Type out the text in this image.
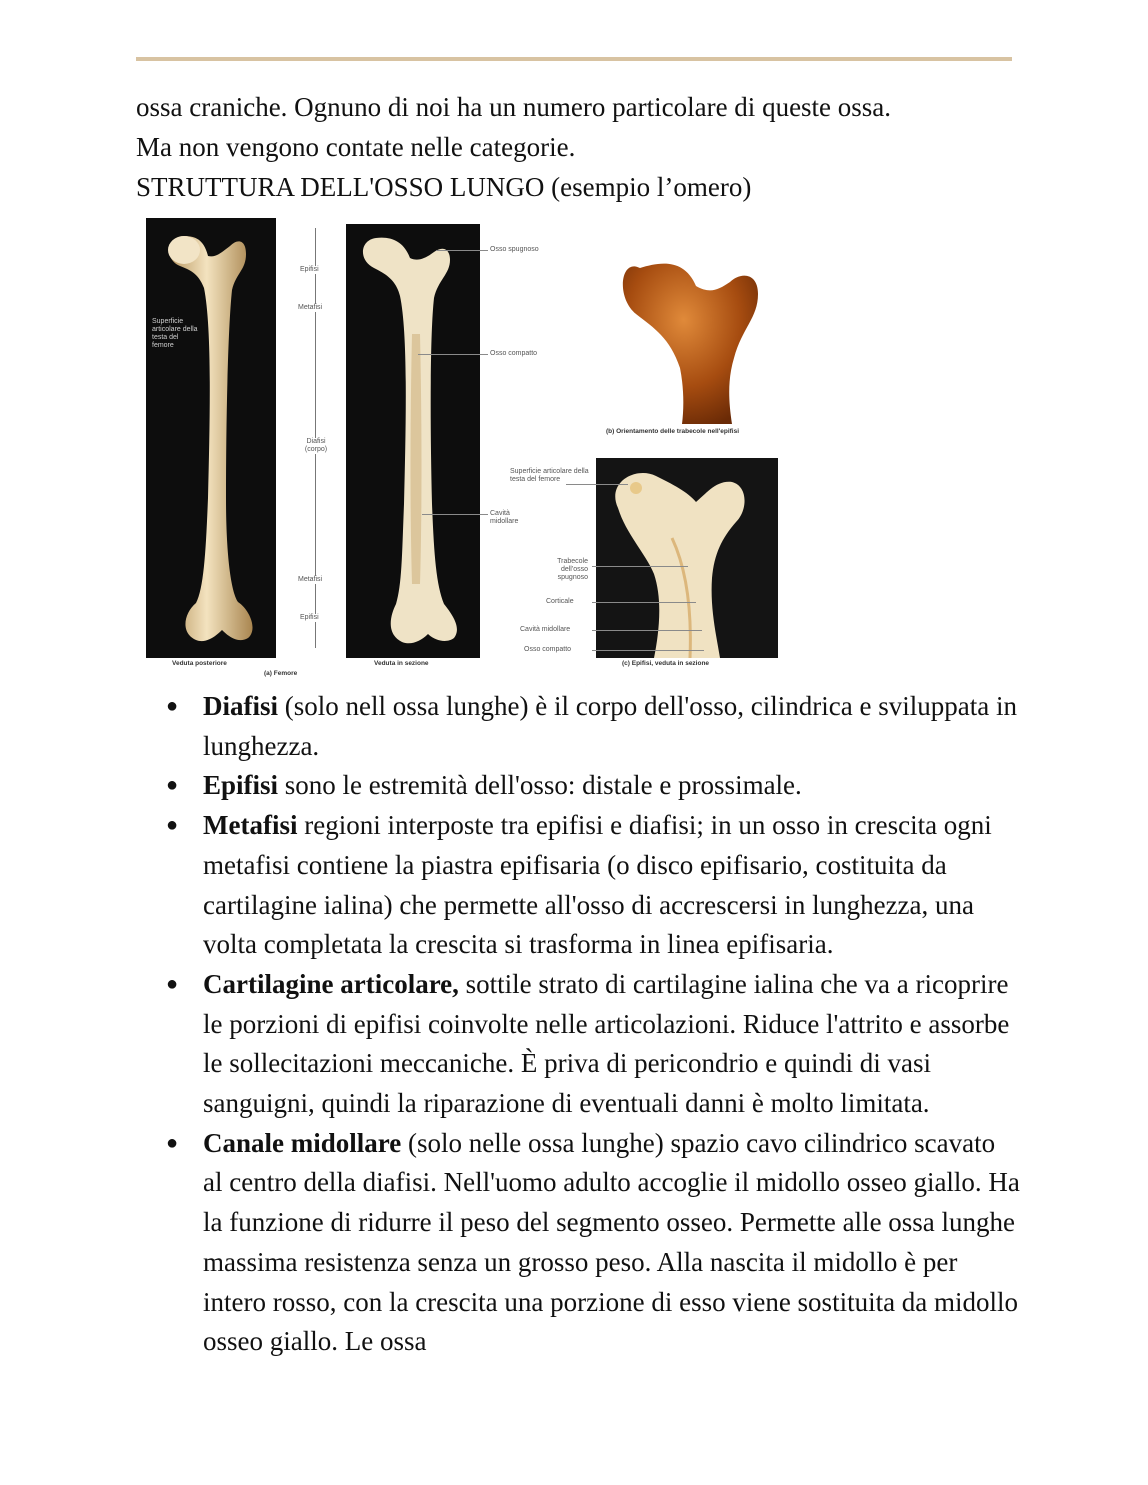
ossa craniche. Ognuno di noi ha un numero particolare di queste ossa.

Ma non vengono contate nelle categorie.

STRUTTURA DELL'OSSO LUNGO (esempio l’omero)

Superficie articolare della testa del femore
Veduta posteriore
Epifisi
Metafisi
Diafisi (corpo)
Metafisi
Epifisi
Veduta in sezione
(a) Femore
Osso spugnoso
Osso compatto
Cavità midollare
(b) Orientamento delle trabecole nell'epifisi
(c) Epifisi, veduta in sezione
Superficie articolare della testa del femore
Trabecole dell'osso spugnoso
Corticale
Cavità midollare
Osso compatto
● Diafisi (solo nell ossa lunghe) è il corpo dell'osso, cilindrica e sviluppata in lunghezza.
● Epifisi sono le estremità dell'osso: distale e prossimale.
● Metafisi regioni interposte tra epifisi e diafisi; in un osso in crescita ogni metafisi contiene la piastra epifisaria (o disco epifisario, costituita da cartilagine ialina) che permette all'osso di accrescersi in lunghezza, una volta completata la crescita si trasforma in linea epifisaria.
● Cartilagine articolare, sottile strato di cartilagine ialina che va a ricoprire le porzioni di epifisi coinvolte nelle articolazioni. Riduce l'attrito e assorbe le sollecitazioni meccaniche. È priva di pericondrio e quindi di vasi sanguigni, quindi la riparazione di eventuali danni è molto limitata.
● Canale midollare (solo nelle ossa lunghe) spazio cavo cilindrico scavato al centro della diafisi. Nell'uomo adulto accoglie il midollo osseo giallo. Ha la funzione di ridurre il peso del segmento osseo. Permette alle ossa lunghe massima resistenza senza un grosso peso. Alla nascita il midollo è per intero rosso, con la crescita una porzione di esso viene sostituita da midollo osseo giallo. Le ossa
